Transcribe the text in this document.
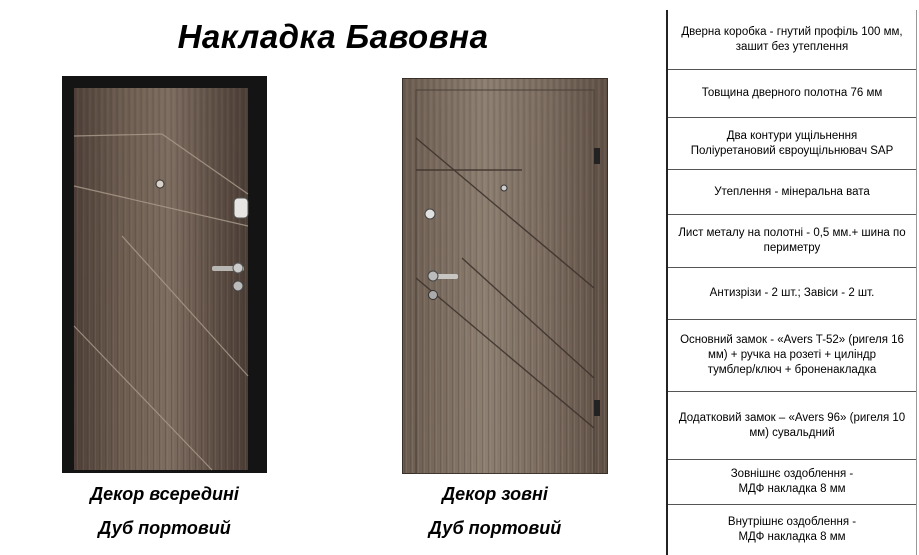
Накладка Бавовна
Декор всередині
Дуб портовий
Декор зовні
Дуб портовий
Дверна коробка - гнутий профіль 100 мм,
зашит без утеплення
Товщина дверного полотна 76 мм
Два контури ущільнення
Поліуретановий євроущільнювач SAP
Утеплення - мінеральна вата
Лист металу на полотні - 0,5 мм.+ шина по
периметру
Антизрізи - 2 шт.; Завіси - 2 шт.
Основний замок - «Avers T-52» (ригеля 16
мм) + ручка на розеті + цилiндр
тумблер/ключ + броненакладка
Додатковий замок – «Avers 96» (ригеля 10
мм) сувальдний
Зовнішнє оздоблення -
МДФ накладка 8 мм
Внутрішнє оздоблення -
МДФ накладка 8 мм
